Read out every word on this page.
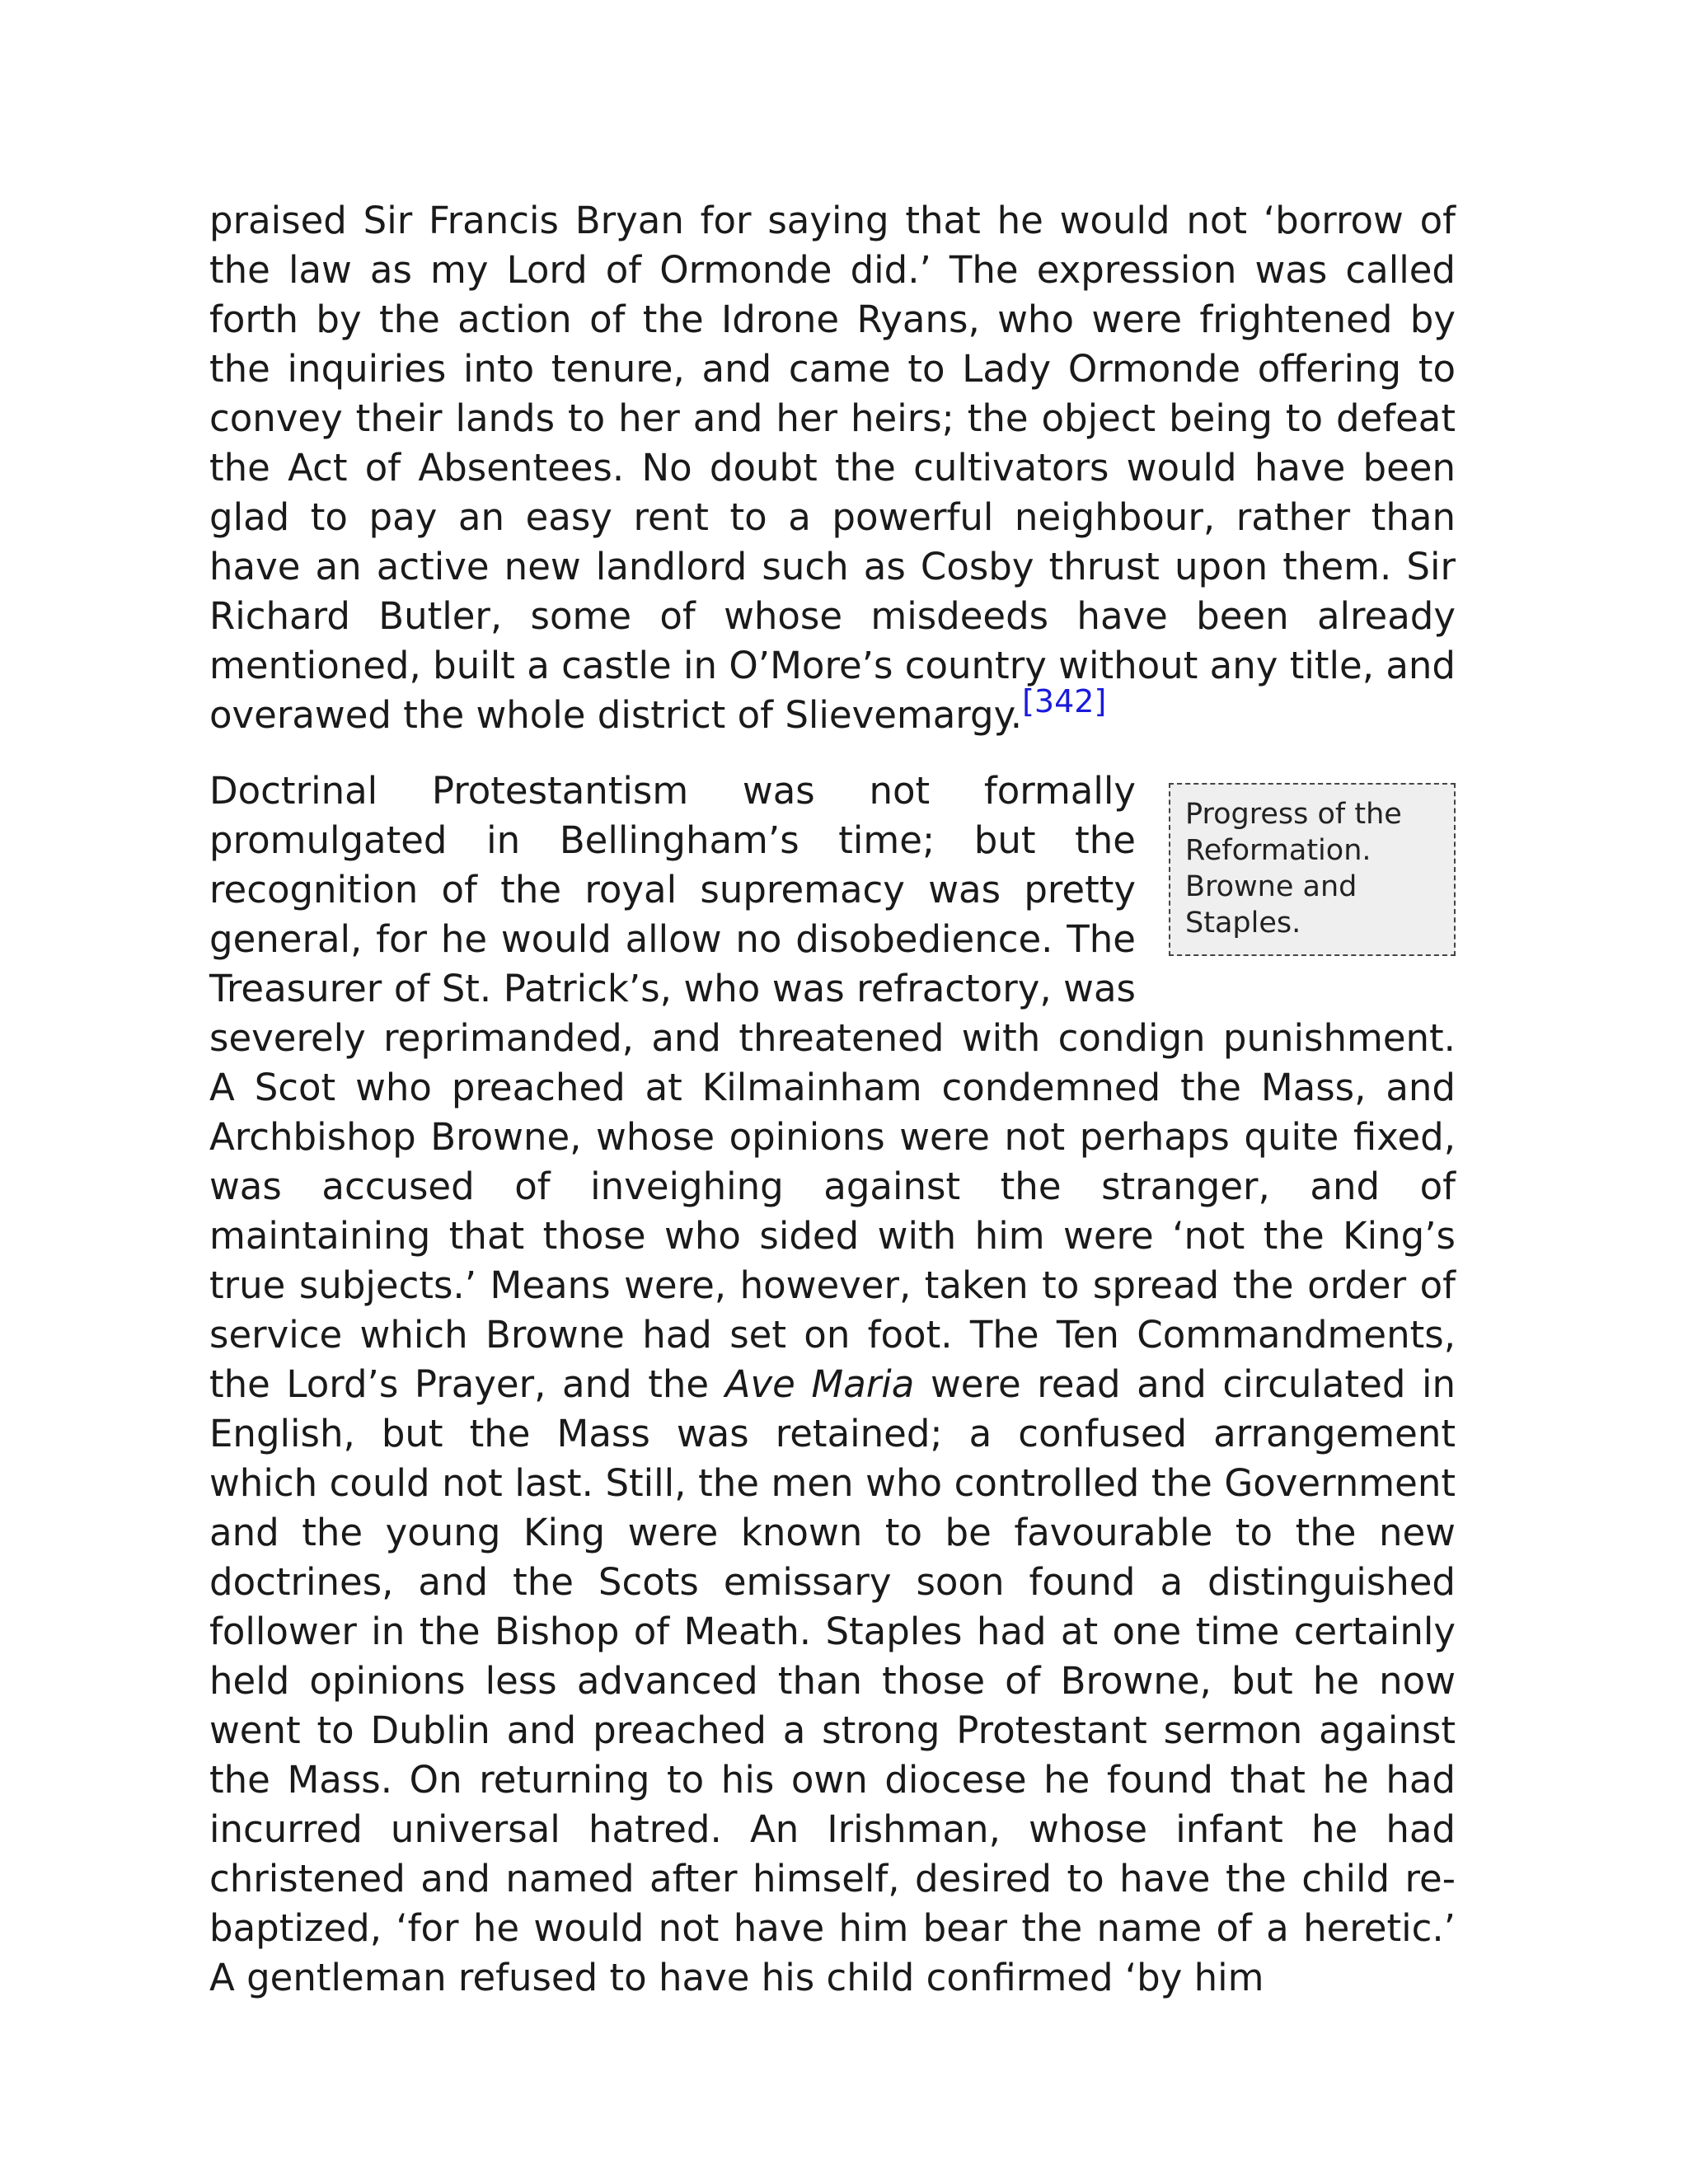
praised Sir Francis Bryan for saying that he would not ‘borrow of the law as my Lord of Ormonde did.’ The expression was called forth by the action of the Idrone Ryans, who were frightened by the inquiries into tenure, and came to Lady Ormonde offering to convey their lands to her and her heirs; the object being to defeat the Act of Absentees. No doubt the cultivators would have been glad to pay an easy rent to a powerful neighbour, rather than have an active new landlord such as Cosby thrust upon them. Sir Richard Butler, some of whose misdeeds have been already mentioned, built a castle in O’More’s country without any title, and overawed the whole district of Slievemargy.[342]

Progress of the
Reformation.
Browne and
Staples.

Doctrinal Protestantism was not formally promulgated in Bellingham’s time; but the recognition of the royal supremacy was pretty general, for he would allow no disobedience. The Treasurer of St. Patrick’s, who was refractory, was severely reprimanded, and threatened with condign punishment. A Scot who preached at Kilmainham condemned the Mass, and Archbishop Browne, whose opinions were not perhaps quite fixed, was accused of inveighing against the stranger, and of maintaining that those who sided with him were ‘not the King’s true subjects.’ Means were, however, taken to spread the order of service which Browne had set on foot. The Ten Commandments, the Lord’s Prayer, and the Ave Maria were read and circulated in English, but the Mass was retained; a confused arrangement which could not last. Still, the men who controlled the Government and the young King were known to be favourable to the new doctrines, and the Scots emissary soon found a distinguished follower in the Bishop of Meath. Staples had at one time certainly held opinions less advanced than those of Browne, but he now went to Dublin and preached a strong Protestant sermon against the Mass. On returning to his own diocese he found that he had incurred universal hatred. An Irishman, whose infant he had christened and named after himself, desired to have the child re-baptized, ‘for he would not have him bear the name of a heretic.’ A gentleman refused to have his child confirmed ‘by him
